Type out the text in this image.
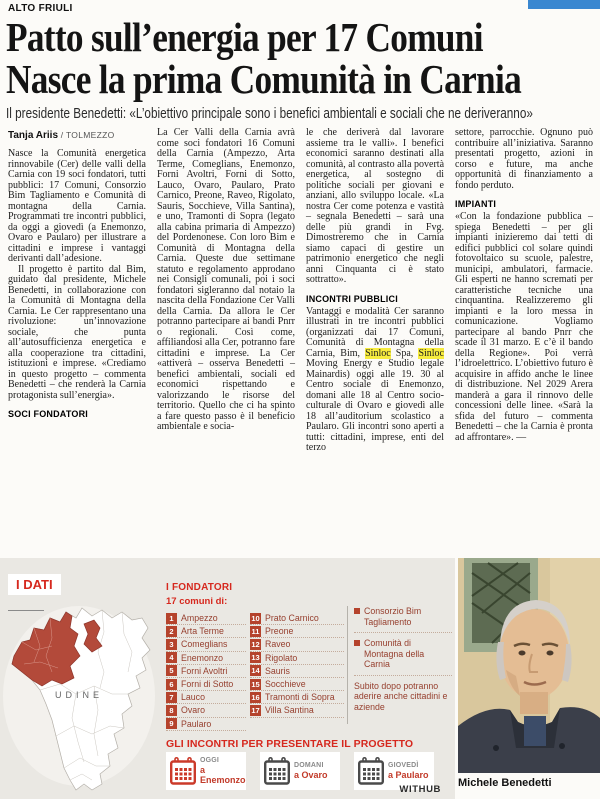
ALTO FRIULI
Patto sull’energia per 17 Comuni
Nasce la prima Comunità in Carnia
Il presidente Benedetti: «L’obiettivo principale sono i benefici ambientali e sociali che ne deriveranno»
Tanja Ariis / TOLMEZZO

Nasce la Comunità energetica rinnovabile (Cer) delle valli della Carnia con 19 soci fondatori, tutti pubblici: 17 Comuni, Consorzio Bim Tagliamento e Comunità di montagna della Carnia. Programmati tre incontri pubblici, da oggi a giovedì (a Enemonzo, Ovaro e Paularo) per illustrare a cittadini e imprese i vantaggi derivanti dall’adesione.

Il progetto è partito dal Bim, guidato dal presidente, Michele Benedetti, in collaborazione con la Comunità di Montagna della Carnia. Le Cer rappresentano una rivoluzione: un’innovazione sociale, che punta all’autosufficienza energetica e alla cooperazione tra cittadini, istituzioni e imprese. «Crediamo in questo progetto – commenta Benedetti – che renderà la Carnia protagonista sull’energia».

SOCI FONDATORI

La Cer Valli della Carnia avrà come soci fondatori 16 Comuni della Carnia (Ampezzo, Arta Terme, Comeglians, Enemonzo, Forni Avoltri, Forni di Sotto, Lauco, Ovaro, Paularo, Prato Carnico, Preone, Raveo, Rigolato, Sauris, Socchieve, Villa Santina), e uno, Tramonti di Sopra (legato alla cabina primaria di Ampezzo) del Pordenonese. Con loro Bim e Comunità di Montagna della Carnia. Queste due settimane statuto e regolamento approdano nei Consigli comunali, poi i soci fondatori sigleranno dal notaio la nascita della Fondazione Cer Valli della Carnia. Da allora le Cer potranno partecipare ai bandi Pnrr o regionali. Così come, affiliandosi alla Cer, potranno fare cittadini e imprese. La Cer «attiverà – osserva Benedetti – benefici ambientali, sociali ed economici rispettando e valorizzando le risorse del territorio. Quello che ci ha spinto a fare questo passo è il beneficio ambientale e socia-

le che deriverà dal lavorare assieme tra le valli». I benefici economici saranno destinati alla comunità, al contrasto alla povertà energetica, al sostegno di politiche sociali per giovani e anziani, allo sviluppo locale. «La nostra Cer come potenza e vastità – segnala Benedetti – sarà una delle più grandi in Fvg. Dimostreremo che in Carnia siamo capaci di gestire un patrimonio energetico che negli anni Cinquanta ci è stato sottratto».

INCONTRI PUBBLICI

Vantaggi e modalità Cer saranno illustrati in tre incontri pubblici (organizzati dai 17 Comuni, Comunità di Montagna della Carnia, Bim, Sinloc Spa, Sinloc Moving Energy e Studio legale Mainardis) oggi alle 19. 30 al Centro sociale di Enemonzo, domani alle 18 al Centro socio-culturale di Ovaro e giovedì alle 18 all’auditorium scolastico a Paularo. Gli incontri sono aperti a tutti: cittadini, imprese, enti del terzo

settore, parrocchie. Ognuno può contribuire all’iniziativa. Saranno presentati progetto, azioni in corso e future, ma anche opportunità di finanziamento a fondo perduto.

IMPIANTI

«Con la fondazione pubblica – spiega Benedetti – per gli impianti inizieremo dai tetti di edifici pubblici col solare quindi fotovoltaico su scuole, palestre, municipi, ambulatori, farmacie. Gli esperti ne hanno scremati per caratteristiche tecniche una cinquantina. Realizzeremo gli impianti e la loro messa in comunicazione. Vogliamo partecipare al bando Pnrr che scade il 31 marzo. E c’è il bando della Regione». Poi verrà l’idroelettrico. L’obiettivo futuro è acquisire in affido anche le linee di distribuzione. Nel 2029 Arera manderà a gara il rinnovo delle concessioni delle linee. «Sarà la sfida del futuro – commenta Benedetti – che la Carnia è pronta ad affrontare». —

I DATI
UDINE
I FONDATORI
17 comuni di:
1 Ampezzo
2 Arta Terme
3 Comeglians
4 Enemonzo
5 Forni Avoltri
6 Forni di Sotto
7 Lauco
8 Ovaro
9 Paularo
10 Prato Carnico
11 Preone
12 Raveo
13 Rigolato
14 Sauris
15 Socchieve
16 Tramonti di Sopra
17 Villa Santina
Consorzio Bim Tagliamento
Comunità di Montagna della Carnia
Subito dopo potranno aderire anche cittadini e aziende
GLI INCONTRI PER PRESENTARE IL PROGETTO
OGGI
a Enemonzo
DOMANI
a Ovaro
GIOVEDÌ
a Paularo
WITHUB
Michele Benedetti
